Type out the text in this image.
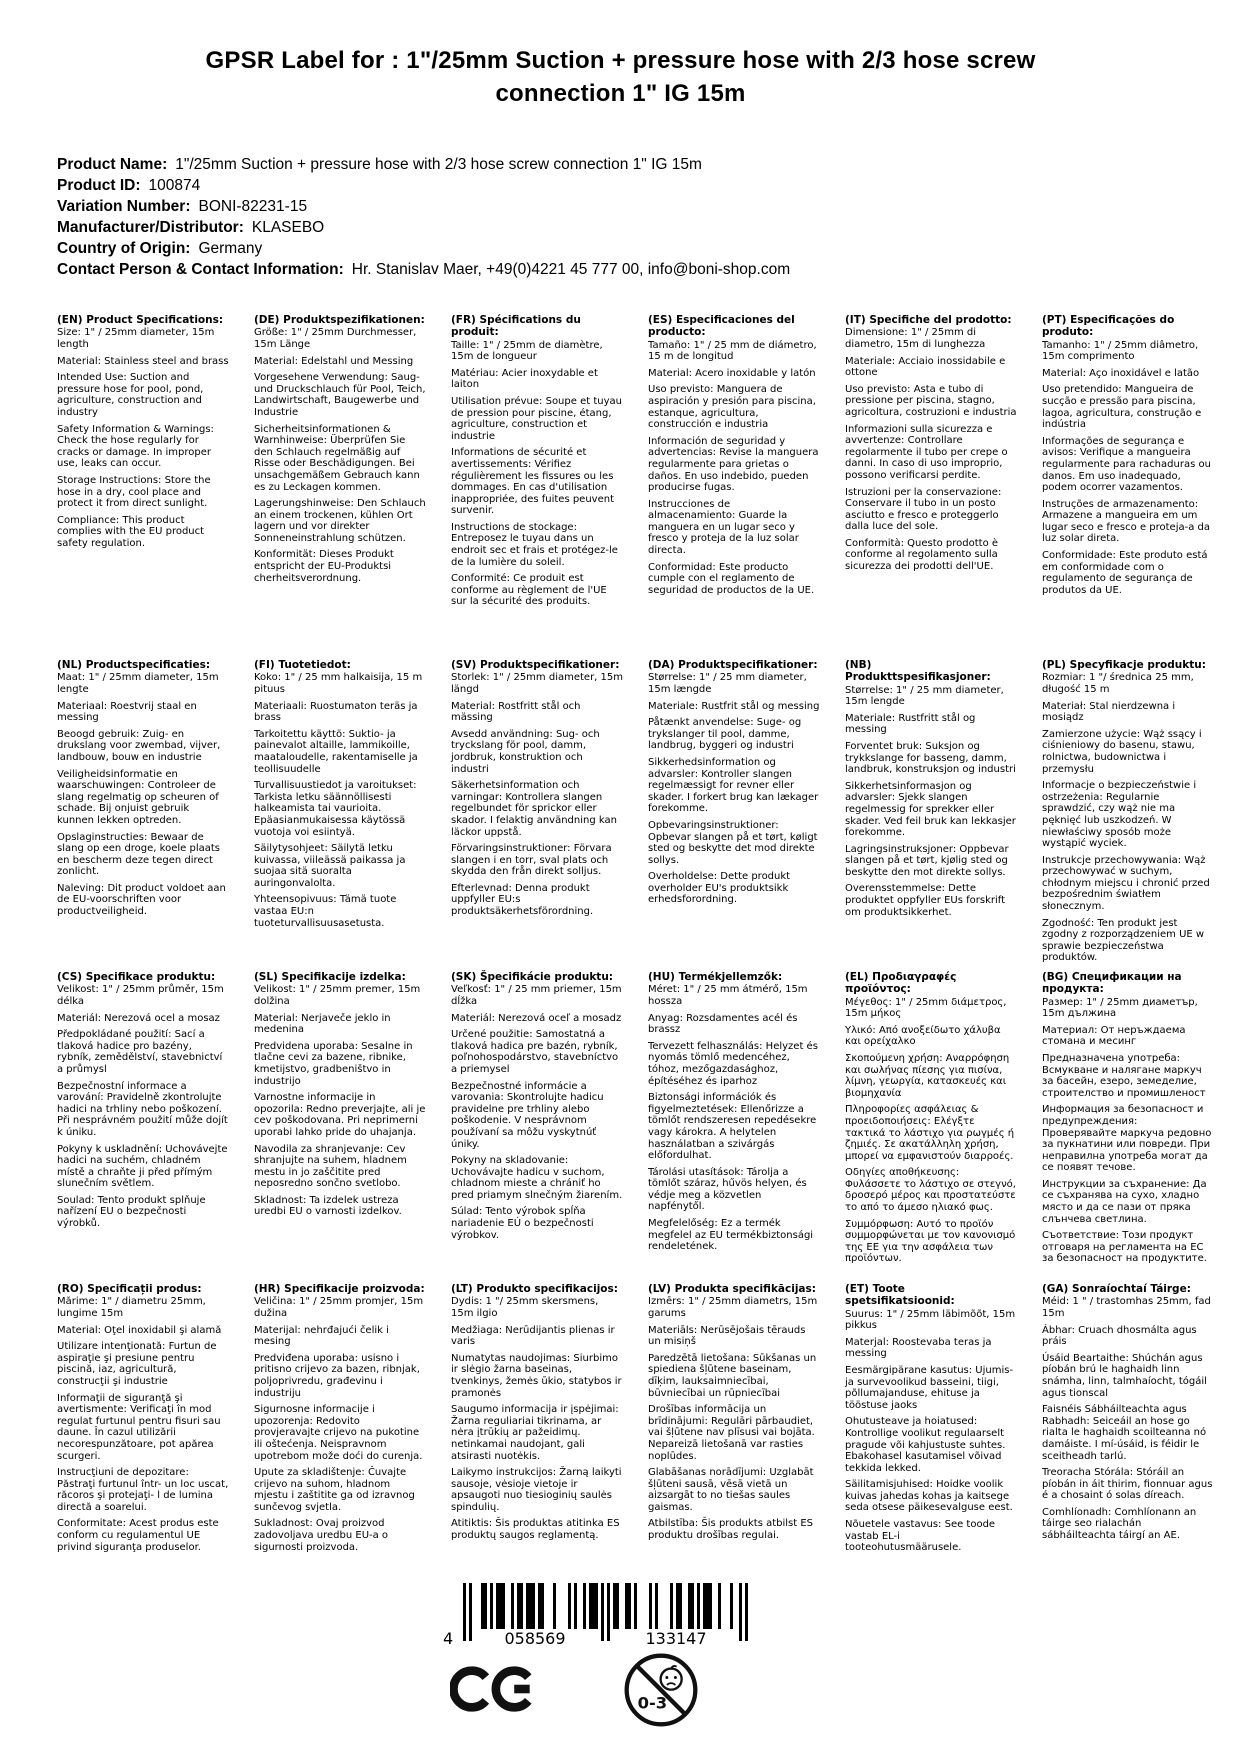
GPSR Label for : 1"/25mm Suction + pressure hose with 2/3 hose screw connection 1" IG 15m
Product Name: 1"/25mm Suction + pressure hose with 2/3 hose screw connection 1" IG 15m
Product ID: 100874
Variation Number: BONI-82231-15
Manufacturer/Distributor: KLASEBO
Country of Origin: Germany
Contact Person & Contact Information: Hr. Stanislav Maer, +49(0)4221 45 777 00, info@boni-shop.com
(EN) Product Specifications:

Size: 1" / 25mm diameter, 15m length

Material: Stainless steel and brass

Intended Use: Suction and pressure hose for pool, pond, agriculture, construction and industry

Safety Information & Warnings: Check the hose regularly for cracks or damage. In improper use, leaks can occur.

Storage Instructions: Store the hose in a dry, cool place and protect it from direct sunlight.

Compliance: This product complies with the EU product safety regulation.

(DE) Produktspezifikationen:

Größe: 1" / 25mm Durchmesser, 15m Länge

Material: Edelstahl und Messing

Vorgesehene Verwendung: Saug- und Druckschlauch für Pool, Teich, Landwirtschaft, Baugewerbe und Industrie

Sicherheitsinformationen & Warnhinweise: Überprüfen Sie den Schlauch regelmäßig auf Risse oder Beschädigungen. Bei unsachgemäßem Gebrauch kann es zu Leckagen kommen.

Lagerungshinweise: Den Schlauch an einem trockenen, kühlen Ort lagern und vor direkter Sonneneinstrahlung schützen.

Konformität: Dieses Produkt entspricht der EU-Produktsi cherheitsverordnung.

(FR) Spécifications du produit:

Taille: 1" / 25mm de diamètre, 15m de longueur

Matériau: Acier inoxydable et laiton

Utilisation prévue: Soupe et tuyau de pression pour piscine, étang, agriculture, construction et industrie

Informations de sécurité et avertissements: Vérifiez régulièrement les fissures ou les dommages. En cas d'utilisation inappropriée, des fuites peuvent survenir.

Instructions de stockage: Entreposez le tuyau dans un endroit sec et frais et protégez-le de la lumière du soleil.

Conformité: Ce produit est conforme au règlement de l'UE sur la sécurité des produits.

(ES) Especificaciones del producto:

Tamaño: 1" / 25 mm de diámetro, 15 m de longitud

Material: Acero inoxidable y latón

Uso previsto: Manguera de aspiración y presión para piscina, estanque, agricultura, construcción e industria

Información de seguridad y advertencias: Revise la manguera regularmente para grietas o daños. En uso indebido, pueden producirse fugas.

Instrucciones de almacenamiento: Guarde la manguera en un lugar seco y fresco y proteja de la luz solar directa.

Conformidad: Este producto cumple con el reglamento de seguridad de productos de la UE.

(IT) Specifiche del prodotto:

Dimensione: 1" / 25mm di diametro, 15m di lunghezza

Materiale: Acciaio inossidabile e ottone

Uso previsto: Asta e tubo di pressione per piscina, stagno, agricoltura, costruzioni e industria

Informazioni sulla sicurezza e avvertenze: Controllare regolarmente il tubo per crepe o danni. In caso di uso improprio, possono verificarsi perdite.

Istruzioni per la conservazione: Conservare il tubo in un posto asciutto e fresco e proteggerlo dalla luce del sole.

Conformità: Questo prodotto è conforme al regolamento sulla sicurezza dei prodotti dell'UE.

(PT) Especificações do produto:

Tamanho: 1" / 25mm diâmetro, 15m comprimento

Material: Aço inoxidável e latão

Uso pretendido: Mangueira de sucção e pressão para piscina, lagoa, agricultura, construção e indústria

Informações de segurança e avisos: Verifique a mangueira regularmente para rachaduras ou danos. Em uso inadequado, podem ocorrer vazamentos.

Instruções de armazenamento: Armazene a mangueira em um lugar seco e fresco e proteja-a da luz solar direta.

Conformidade: Este produto está em conformidade com o regulamento de segurança de produtos da UE.

(NL) Productspecificaties:

Maat: 1" / 25mm diameter, 15m lengte

Materiaal: Roestvrij staal en messing

Beoogd gebruik: Zuig- en drukslang voor zwembad, vijver, landbouw, bouw en industrie

Veiligheidsinformatie en waarschuwingen: Controleer de slang regelmatig op scheuren of schade. Bij onjuist gebruik kunnen lekken optreden.

Opslaginstructies: Bewaar de slang op een droge, koele plaats en bescherm deze tegen direct zonlicht.

Naleving: Dit product voldoet aan de EU-voorschriften voor productveiligheid.

(FI) Tuotetiedot:

Koko: 1" / 25 mm halkaisija, 15 m pituus

Materiaali: Ruostumaton teräs ja brass

Tarkoitettu käyttö: Suktio- ja painevalot altaille, lammikoille, maataloudelle, rakentamiselle ja teollisuudelle

Turvallisuustiedot ja varoitukset: Tarkista letku säännöllisesti halkeamista tai vaurioita. Epäasianmukaisessa käytössä vuotoja voi esiintyä.

Säilytysohjeet: Säilytä letku kuivassa, viileässä paikassa ja suojaa sitä suoralta auringonvalolta.

Yhteensopivuus: Tämä tuote vastaa EU:n tuoteturvallisuusasetusta.

(SV) Produktspecifikationer:

Storlek: 1" / 25mm diameter, 15m längd

Material: Rostfritt stål och mässing

Avsedd användning: Sug- och tryckslang för pool, damm, jordbruk, konstruktion och industri

Säkerhetsinformation och varningar: Kontrollera slangen regelbundet för sprickor eller skador. I felaktig användning kan läckor uppstå.

Förvaringsinstruktioner: Förvara slangen i en torr, sval plats och skydda den från direkt solljus.

Efterlevnad: Denna produkt uppfyller EU:s produktsäkerhetsförordning.

(DA) Produktspecifikationer:

Størrelse: 1" / 25 mm diameter, 15m længde

Materiale: Rustfrit stål og messing

Påtænkt anvendelse: Suge- og trykslanger til pool, damme, landbrug, byggeri og industri

Sikkerhedsinformation og advarsler: Kontroller slangen regelmæssigt for revner eller skader. I forkert brug kan lækager forekomme.

Opbevaringsinstruktioner: Opbevar slangen på et tørt, køligt sted og beskytte det mod direkte sollys.

Overholdelse: Dette produkt overholder EU's produktsikk erhedsforordning.

(NB) Produkttspesifikasjoner:

Størrelse: 1" / 25 mm diameter, 15m lengde

Materiale: Rustfritt stål og messing

Forventet bruk: Suksjon og trykkslange for basseng, damm, landbruk, konstruksjon og industri

Sikkerhetsinformasjon og advarsler: Sjekk slangen regelmessig for sprekker eller skader. Ved feil bruk kan lekkasjer forekomme.

Lagringsinstruksjoner: Oppbevar slangen på et tørt, kjølig sted og beskytte den mot direkte sollys.

Overensstemmelse: Dette produktet oppfyller EUs forskrift om produktsikkerhet.

(PL) Specyfikacje produktu:

Rozmiar: 1 "/ średnica 25 mm, długość 15 m

Materiał: Stal nierdzewna i mosiądz

Zamierzone użycie: Wąż ssący i ciśnieniowy do basenu, stawu, rolnictwa, budownictwa i przemysłu

Informacje o bezpieczeństwie i ostrzeżenia: Regularnie sprawdzić, czy wąż nie ma pęknięć lub uszkodzeń. W niewłaściwy sposób może wystąpić wyciek.

Instrukcje przechowywania: Wąż przechowywać w suchym, chłodnym miejscu i chronić przed bezpośrednim światłem słonecznym.

Zgodność: Ten produkt jest zgodny z rozporządzeniem UE w sprawie bezpieczeństwa produktów.

(CS) Specifikace produktu:

Velikost: 1" / 25mm průměr, 15m délka

Materiál: Nerezová ocel a mosaz

Předpokládané použití: Sací a tlaková hadice pro bazény, rybník, zemědělství, stavebnictví a průmysl

Bezpečnostní informace a varování: Pravidelně zkontrolujte hadici na trhliny nebo poškození. Při nesprávném použití může dojít k úniku.

Pokyny k uskladnění: Uchovávejte hadici na suchém, chladném místě a chraňte ji před přímým slunečním světlem.

Soulad: Tento produkt splňuje nařízení EU o bezpečnosti výrobků.

(SL) Specifikacije izdelka:

Velikost: 1" / 25mm premer, 15m dolžina

Material: Nerjaveče jeklo in medenina

Predvidena uporaba: Sesalne in tlačne cevi za bazene, ribnike, kmetijstvo, gradbeništvo in industrijo

Varnostne informacije in opozorila: Redno preverjajte, ali je cev poškodovana. Pri neprimerni uporabi lahko pride do uhajanja.

Navodila za shranjevanje: Cev shranjujte na suhem, hladnem mestu in jo zaščitite pred neposredno sončno svetlobo.

Skladnost: Ta izdelek ustreza uredbi EU o varnosti izdelkov.

(SK) Špecifikácie produktu:

Veľkosť: 1" / 25 mm priemer, 15m dĺžka

Materiál: Nerezová oceľ a mosadz

Určené použitie: Samostatná a tlaková hadica pre bazén, rybník, poľnohospodárstvo, stavebníctvo a priemysel

Bezpečnostné informácie a varovania: Skontrolujte hadicu pravidelne pre trhliny alebo poškodenie. V nesprávnom používaní sa môžu vyskytnúť úniky.

Pokyny na skladovanie: Uchovávajte hadicu v suchom, chladnom mieste a chrániť ho pred priamym slnečným žiarením.

Súlad: Tento výrobok spĺňa nariadenie EÚ o bezpečnosti výrobkov.

(HU) Termékjellemzők:

Méret: 1" / 25 mm átmérő, 15m hossza

Anyag: Rozsdamentes acél és brassz

Tervezett felhasználás: Helyzet és nyomás tömlő medencéhez, tóhoz, mezőgazdasághoz, építéséhez és iparhoz

Biztonsági információk és figyelmeztetések: Ellenőrizze a tömlőt rendszeresen repedésekre vagy károkra. A helytelen használatban a szivárgás előfordulhat.

Tárolási utasítások: Tárolja a tömlőt száraz, hűvös helyen, és védje meg a közvetlen napfénytől.

Megfelelőség: Ez a termék megfelel az EU termékbiztonsági rendeletének.

(EL) Προδιαγραφές προϊόντος:

Μέγεθος: 1" / 25mm διάμετρος, 15m μήκος

Υλικό: Από ανοξείδωτο χάλυβα και ορείχαλκο

Σκοπούμενη χρήση: Αναρρόφηση και σωλήνας πίεσης για πισίνα, λίμνη, γεωργία, κατασκευές και βιομηχανία

Πληροφορίες ασφάλειας & προειδοποιήσεις: Ελέγξτε τακτικά το λάστιχο για ρωγμές ή ζημιές. Σε ακατάλληλη χρήση, μπορεί να εμφανιστούν διαρροές.

Οδηγίες αποθήκευσης: Φυλάσσετε το λάστιχο σε στεγνό, δροσερό μέρος και προστατεύστε το από το άμεσο ηλιακό φως.

Συμμόρφωση: Αυτό το προϊόν συμμορφώνεται με τον κανονισμό της ΕΕ για την ασφάλεια των προϊόντων.

(BG) Спецификации на продукта:

Размер: 1" / 25mm диаметър, 15m дължина

Материал: От неръждаема стомана и месинг

Предназначена употреба: Всмукване и налягане маркуч за басейн, езеро, земеделие, строителство и промишленост

Информация за безопасност и предупреждения: Проверявайте маркуча редовно за пукнатини или повреди. При неправилна употреба могат да се появят течове.

Инструкции за съхранение: Да се съхранява на сухо, хладно място и да се пази от пряка слънчева светлина.

Съответствие: Този продукт отговаря на регламента на ЕС за безопасност на продуктите.

(RO) Specificații produs:

Mărime: 1" / diametru 25mm, lungime 15m

Material: Oţel inoxidabil şi alamă

Utilizare intenţionată: Furtun de aspiraţie şi presiune pentru piscină, iaz, agricultură, construcţii şi industrie

Informaţii de siguranţă şi avertismente: Verificaţi în mod regulat furtunul pentru fisuri sau daune. În cazul utilizării necorespunzătoare, pot apărea scurgeri.

Instrucţiuni de depozitare: Păstraţi furtunul într- un loc uscat, răcoros şi protejaţi- l de lumina directă a soarelui.

Conformitate: Acest produs este conform cu regulamentul UE privind siguranţa produselor.

(HR) Specifikacije proizvoda:

Veličina: 1" / 25mm promjer, 15m dužina

Materijal: nehrđajući čelik i mesing

Predviđena uporaba: usisno i pritisno crijevo za bazen, ribnjak, poljoprivredu, građevinu i industriju

Sigurnosne informacije i upozorenja: Redovito provjeravajte crijevo na pukotine ili oštećenja. Neispravnom upotrebom može doći do curenja.

Upute za skladištenje: Čuvajte crijevo na suhom, hladnom mjestu i zaštitite ga od izravnog sunčevog svjetla.

Sukladnost: Ovaj proizvod zadovoljava uredbu EU-a o sigurnosti proizvoda.

(LT) Produkto specifikacijos:

Dydis: 1 "/ 25mm skersmens, 15m ilgio

Medžiaga: Nerūdijantis plienas ir varis

Numatytas naudojimas: Siurbimo ir slėgio žarna baseinas, tvenkinys, žemės ūkio, statybos ir pramonės

Saugumo informacija ir įspėjimai: Žarna reguliariai tikrinama, ar nėra įtrūkių ar pažeidimų. netinkamai naudojant, gali atsirasti nuotėkis.

Laikymo instrukcijos: Žarną laikyti sausoje, vėsioje vietoje ir apsaugoti nuo tiesioginių saulės spindulių.

Atitiktis: Šis produktas atitinka ES produktų saugos reglamentą.

(LV) Produkta specifikācijas:

Izmērs: 1" / 25mm diametrs, 15m garums

Materiāls: Nerūsējošais tērauds un misiņš

Paredzētā lietošana: Sūkšanas un spiediena šļūtene baseinam, dīķim, lauksaimniecībai, būvniecībai un rūpniecībai

Drošības informācija un brīdinājumi: Regulāri pārbaudiet, vai šļūtene nav plīsusi vai bojāta. Nepareizā lietošanā var rasties noplūdes.

Glabāšanas norādījumi: Uzglabāt šļūteni sausā, vēsā vietā un aizsargāt to no tiešas saules gaismas.

Atbilstība: Šis produkts atbilst ES produktu drošības regulai.

(ET) Toote spetsifikatsioonid:

Suurus: 1" / 25mm läbimõõt, 15m pikkus

Materjal: Roostevaba teras ja messing

Eesmärgipärane kasutus: Ujumis- ja survevoolikud basseini, tiigi, põllumajanduse, ehituse ja tööstuse jaoks

Ohutusteave ja hoiatused: Kontrollige voolikut regulaarselt pragude või kahjustuste suhtes. Ebakohasel kasutamisel võivad tekkida lekked.

Säilitamisjuhised: Hoidke voolik kuivas jahedas kohas ja kaitsege seda otsese päikesevalguse eest.

Nõuetele vastavus: See toode vastab EL-i tooteohutusmäärusele.

(GA) Sonraíochtaí Táirge:

Méid: 1 " / trastomhas 25mm, fad 15m

Ábhar: Cruach dhosmálta agus práis

Úsáid Beartaithe: Shúchán agus píobán brú le haghaidh linn snámha, linn, talmhaíocht, tógáil agus tionscal

Faisnéis Sábháilteachta agus Rabhadh: Seiceáil an hose go rialta le haghaidh scoilteanna nó damáiste. I mí-úsáid, is féidir le sceitheadh tarlú.

Treoracha Stórála: Stóráil an píobán in áit thirim, fionnuar agus é a chosaint ó solas díreach.

Comhlíonadh: Comhlíonann an táirge seo rialachán sábháilteachta táirgí an AE.

4	058569	133147
0-3
